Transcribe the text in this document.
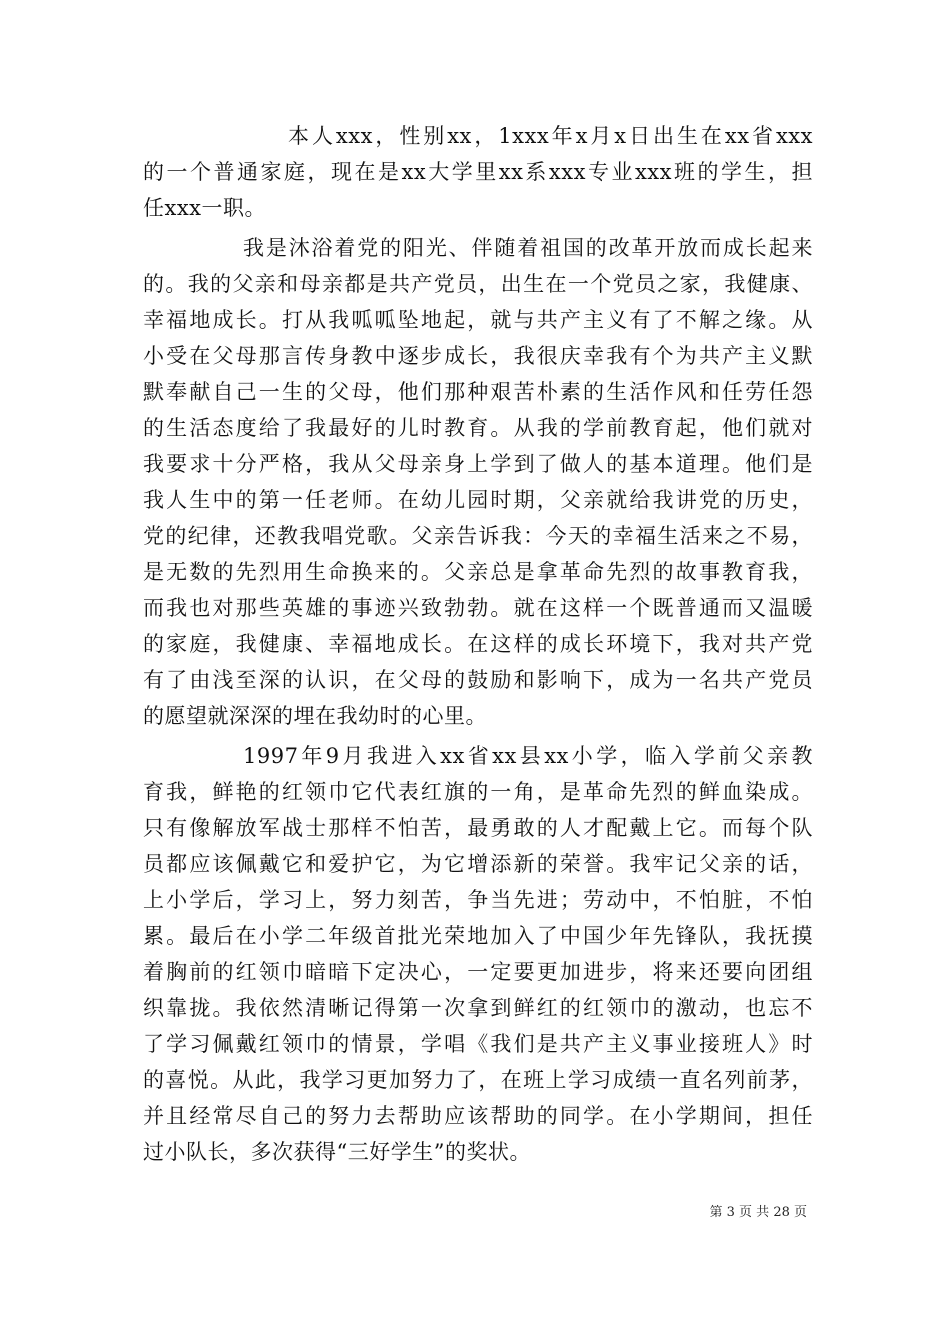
本人xxx，性别xx，1xxx年x月x日出生在xx省xxx
的一个普通家庭，现在是xx大学里xx系xxx专业xxx班的学生，担
任xxx一职。
我是沐浴着党的阳光、伴随着祖国的改革开放而成长起来
的。我的父亲和母亲都是共产党员，出生在一个党员之家，我健康、
幸福地成长。打从我呱呱坠地起，就与共产主义有了不解之缘。从
小受在父母那言传身教中逐步成长，我很庆幸我有个为共产主义默
默奉献自己一生的父母，他们那种艰苦朴素的生活作风和任劳任怨
的生活态度给了我最好的儿时教育。从我的学前教育起，他们就对
我要求十分严格，我从父母亲身上学到了做人的基本道理。他们是
我人生中的第一任老师。在幼儿园时期，父亲就给我讲党的历史，
党的纪律，还教我唱党歌。父亲告诉我：今天的幸福生活来之不易，
是无数的先烈用生命换来的。父亲总是拿革命先烈的故事教育我，
而我也对那些英雄的事迹兴致勃勃。就在这样一个既普通而又温暖
的家庭，我健康、幸福地成长。在这样的成长环境下，我对共产党
有了由浅至深的认识，在父母的鼓励和影响下，成为一名共产党员
的愿望就深深的埋在我幼时的心里。
1997年9月我进入xx省xx县xx小学，临入学前父亲教
育我，鲜艳的红领巾它代表红旗的一角，是革命先烈的鲜血染成。
只有像解放军战士那样不怕苦，最勇敢的人才配戴上它。而每个队
员都应该佩戴它和爱护它，为它增添新的荣誉。我牢记父亲的话，
上小学后，学习上，努力刻苦，争当先进；劳动中，不怕脏，不怕
累。最后在小学二年级首批光荣地加入了中国少年先锋队，我抚摸
着胸前的红领巾暗暗下定决心，一定要更加进步，将来还要向团组
织靠拢。我依然清晰记得第一次拿到鲜红的红领巾的激动，也忘不
了学习佩戴红领巾的情景，学唱《我们是共产主义事业接班人》时
的喜悦。从此，我学习更加努力了，在班上学习成绩一直名列前茅，
并且经常尽自己的努力去帮助应该帮助的同学。在小学期间，担任
过小队长，多次获得“三好学生”的奖状。
第 3 页 共 28 页
